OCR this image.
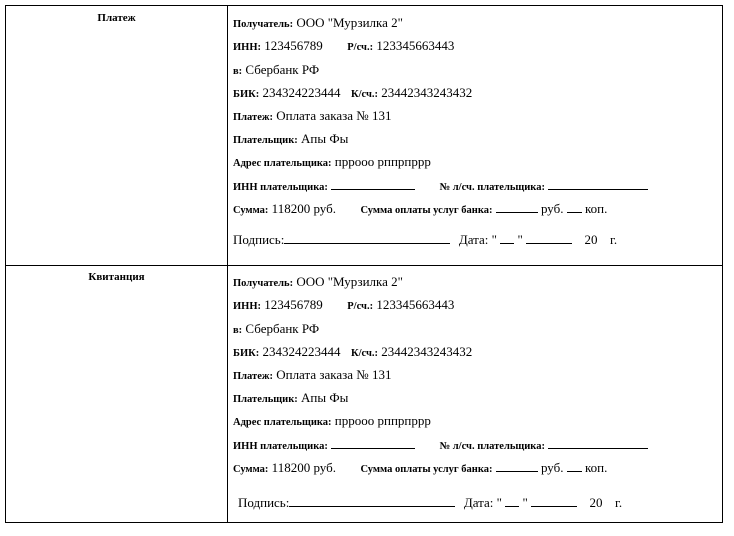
Платеж
Получатель: ООО "Мурзилка 2"
ИНН: 123456789 Р/сч.: 123345663443
в: Сбербанк РФ
БИК: 234324223444 К/сч.: 23442343243432
Платеж: Оплата заказа № 131
Плательщик: Апы Фы
Адрес плательщика: прроoo рппрпррр
ИНН плательщика:	№ л/сч. плательщика:
Сумма: 118200 руб. Сумма оплаты услуг банка:	руб. коп.
Подпись:	Дата: " "	20 г.
Квитанция
Получатель: ООО "Мурзилка 2"
ИНН: 123456789 Р/сч.: 123345663443
в: Сбербанк РФ
БИК: 234324223444 К/сч.: 23442343243432
Платеж: Оплата заказа № 131
Плательщик: Апы Фы
Адрес плательщика: прроoo рппрпррр
ИНН плательщика:	№ л/сч. плательщика:
Сумма: 118200 руб. Сумма оплаты услуг банка:	руб. коп.
Подпись:	Дата: " "	20 г.
